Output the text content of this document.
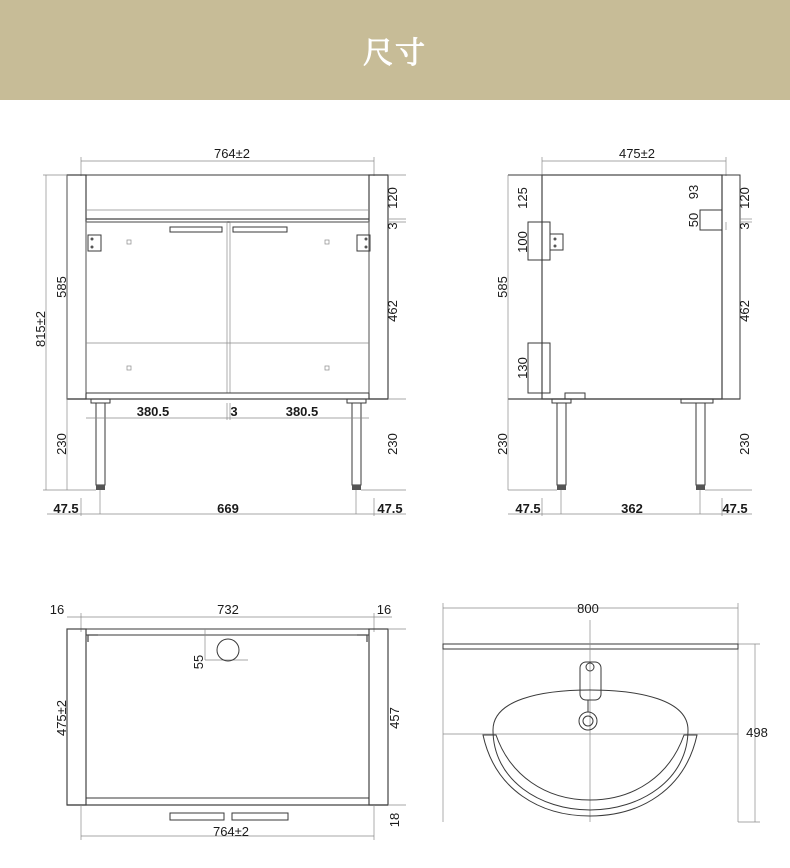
尺寸
764±2
815±2
585
230
120
3
462
230
380.5	3	380.5
47.5	669	47.5
475±2
125
100
585
130
230
93
50
120
3
462
230
47.5	362	47.5
16	732	16
55
764±2
475±2	457
18
800
498
